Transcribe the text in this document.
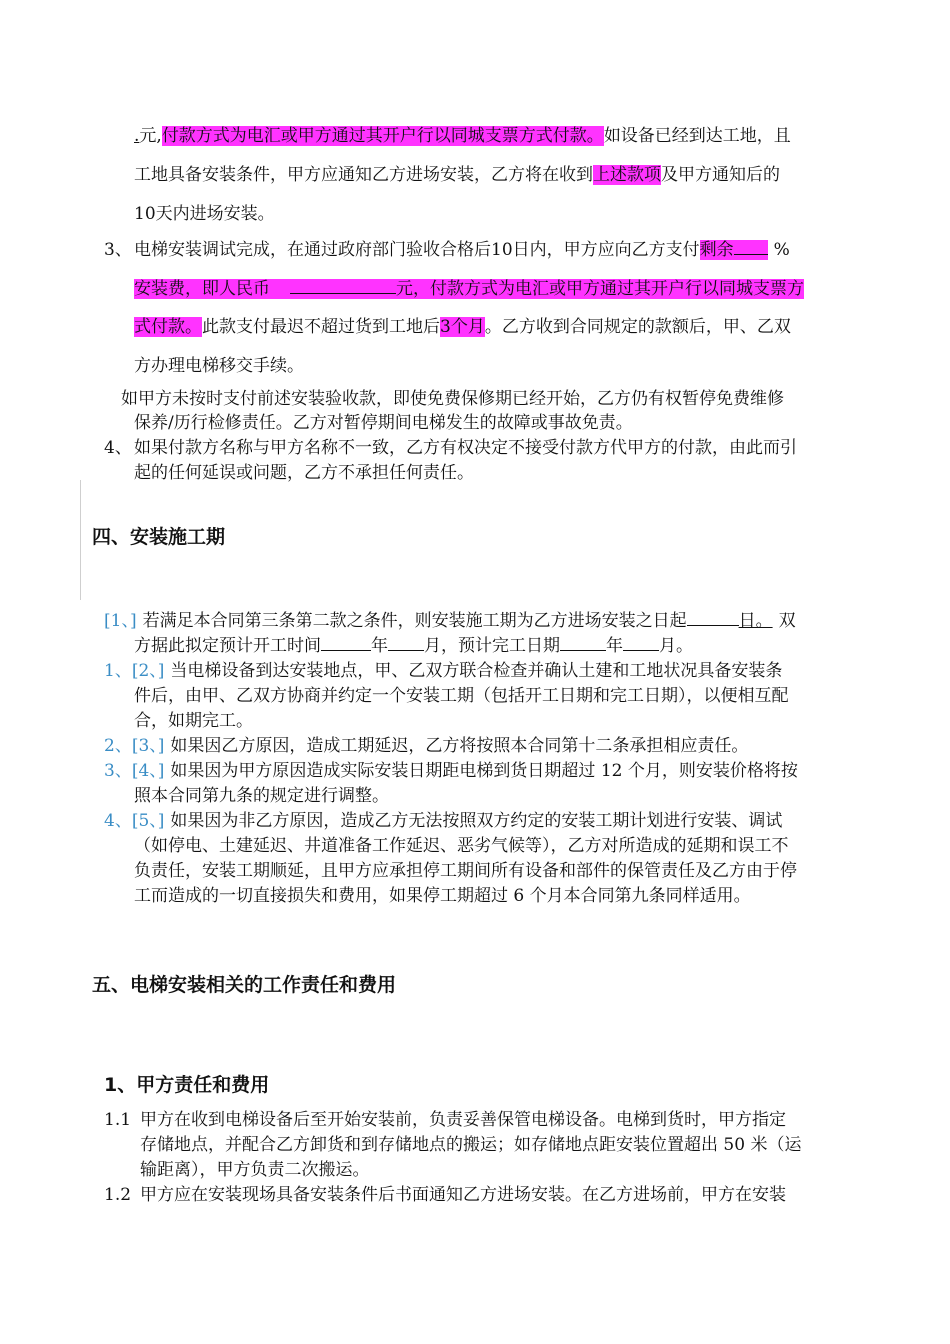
.元,付款方式为电汇或甲方通过其开户行以同城支票方式付款。如设备已经到达工地，且
工地具备安装条件，甲方应通知乙方进场安装，乙方将在收到上述款项及甲方通知后的
10天内进场安装。
3、 电梯安装调试完成，在通过政府部门验收合格后10日内，甲方应向乙方支付剩余 %
安装费，即人民币	元，付款方式为电汇或甲方通过其开户行以同城支票方
式付款。此款支付最迟不超过货到工地后3个月。乙方收到合同规定的款额后，甲、乙双
方办理电梯移交手续。
如甲方未按时支付前述安装验收款，即使免费保修期已经开始，乙方仍有权暂停免费维修
保养/历行检修责任。乙方对暂停期间电梯发生的故障或事故免责。
4、 如果付款方名称与甲方名称不一致，乙方有权决定不接受付款方代甲方的付款，由此而引
起的任何延误或问题，乙方不承担任何责任。
四、安装施工期
[1、] 若满足本合同第三条第二款之条件，则安装施工期为乙方进场安装之日起	日。 双
方据此拟定预计开工时间	年 月，预计完工日期	年 月。
1、[2、] 当电梯设备到达安装地点，甲、乙双方联合检查并确认土建和工地状况具备安装条
件后，由甲、乙双方协商并约定一个安装工期（包括开工日期和完工日期），以便相互配
合，如期完工。
2、[3、] 如果因乙方原因，造成工期延迟，乙方将按照本合同第十二条承担相应责任。
3、[4、] 如果因为甲方原因造成实际安装日期距电梯到货日期超过 12 个月，则安装价格将按
照本合同第九条的规定进行调整。
4、[5、] 如果因为非乙方原因，造成乙方无法按照双方约定的安装工期计划进行安装、调试
（如停电、土建延迟、井道准备工作延迟、恶劣气候等），乙方对所造成的延期和误工不
负责任，安装工期顺延，且甲方应承担停工期间所有设备和部件的保管责任及乙方由于停
工而造成的一切直接损失和费用，如果停工期超过 6 个月本合同第九条同样适用。
五、电梯安装相关的工作责任和费用
1、甲方责任和费用
1.1 甲方在收到电梯设备后至开始安装前，负责妥善保管电梯设备。电梯到货时，甲方指定
存储地点，并配合乙方卸货和到存储地点的搬运；如存储地点距安装位置超出 50 米（运
输距离），甲方负责二次搬运。
1.2 甲方应在安装现场具备安装条件后书面通知乙方进场安装。在乙方进场前，甲方在安装
